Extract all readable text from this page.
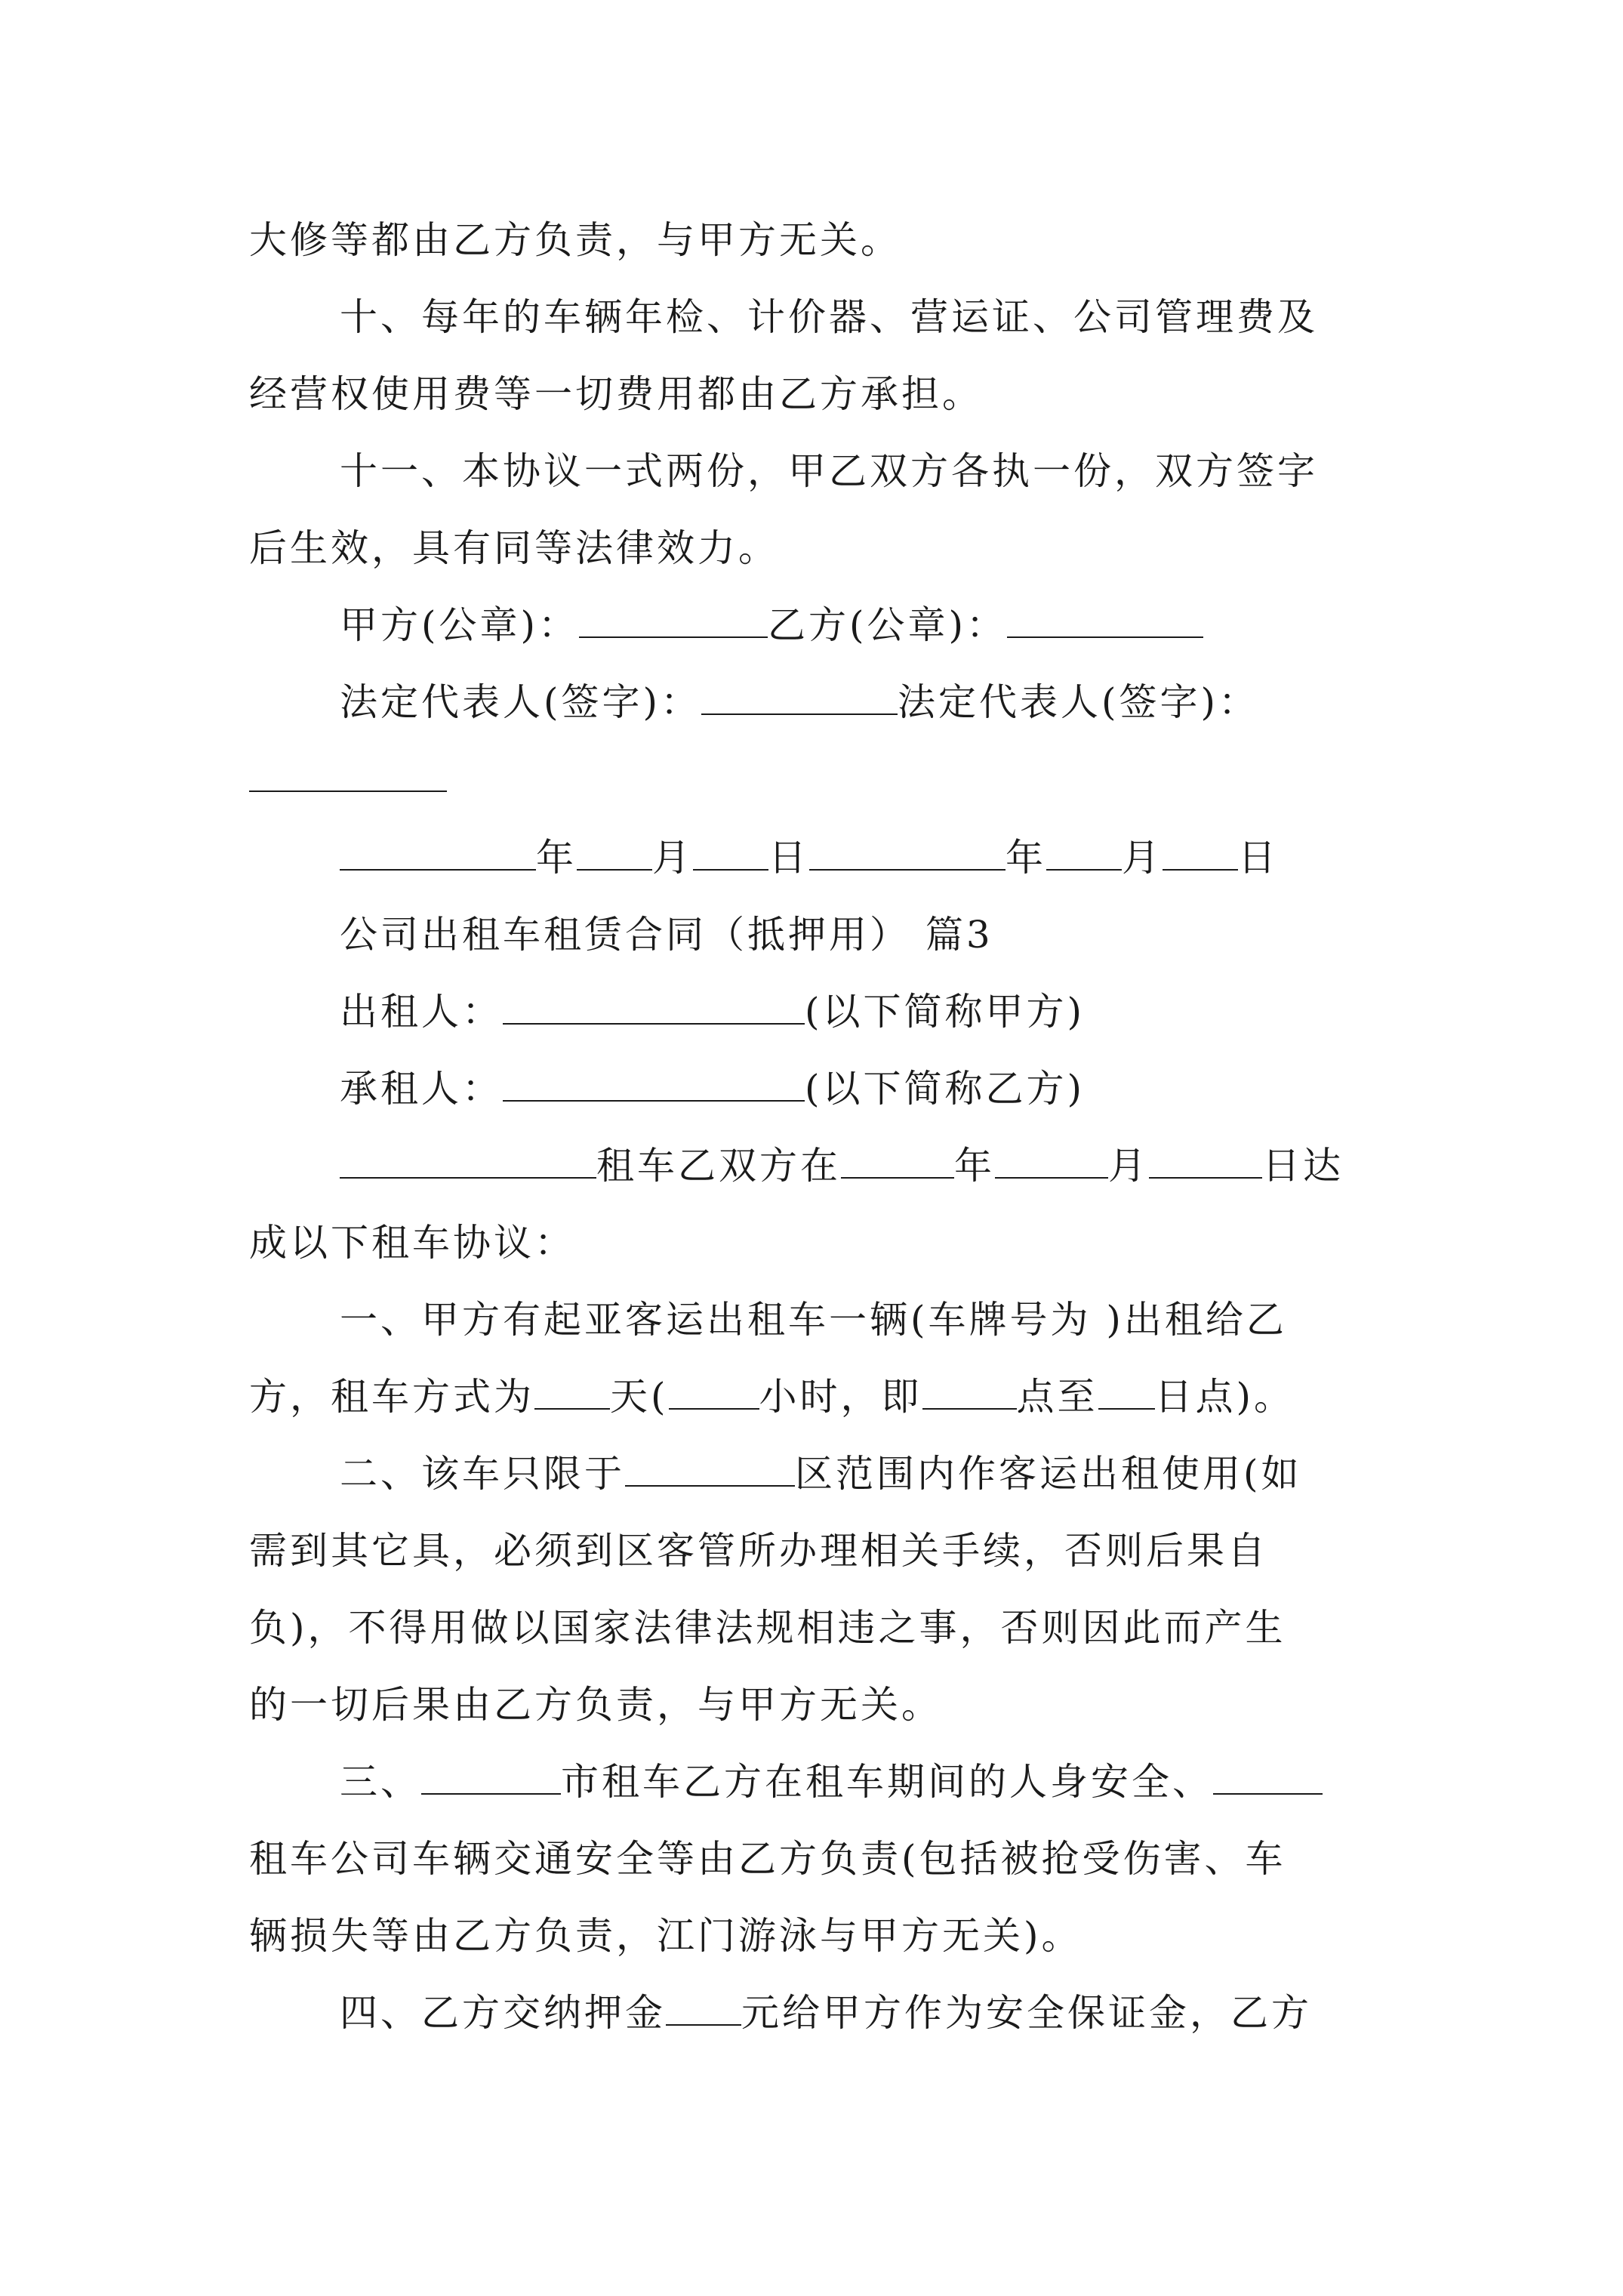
大修等都由乙方负责，与甲方无关。
十、每年的车辆年检、计价器、营运证、公司管理费及
经营权使用费等一切费用都由乙方承担。
十一、本协议一式两份，甲乙双方各执一份，双方签字
后生效，具有同等法律效力。
甲方(公章)：	乙方(公章)：
法定代表人(签字)：	法定代表人(签字)：
年 月 日	年 月 日
公司出租车租赁合同（抵押用） 篇3
出租人：	(以下简称甲方)
承租人：	(以下简称乙方)
租车乙双方在	年	月	日达
成以下租车协议：
一、甲方有起亚客运出租车一辆(车牌号为 )出租给乙
方，租车方式为 天( 小时，即	点至 日点)。
二、该车只限于	区范围内作客运出租使用(如
需到其它具，必须到区客管所办理相关手续，否则后果自
负)，不得用做以国家法律法规相违之事，否则因此而产生
的一切后果由乙方负责，与甲方无关。
三、	市租车乙方在租车期间的人身安全、
租车公司车辆交通安全等由乙方负责(包括被抢受伤害、车
辆损失等由乙方负责，江门游泳与甲方无关)。
四、乙方交纳押金 元给甲方作为安全保证金，乙方
